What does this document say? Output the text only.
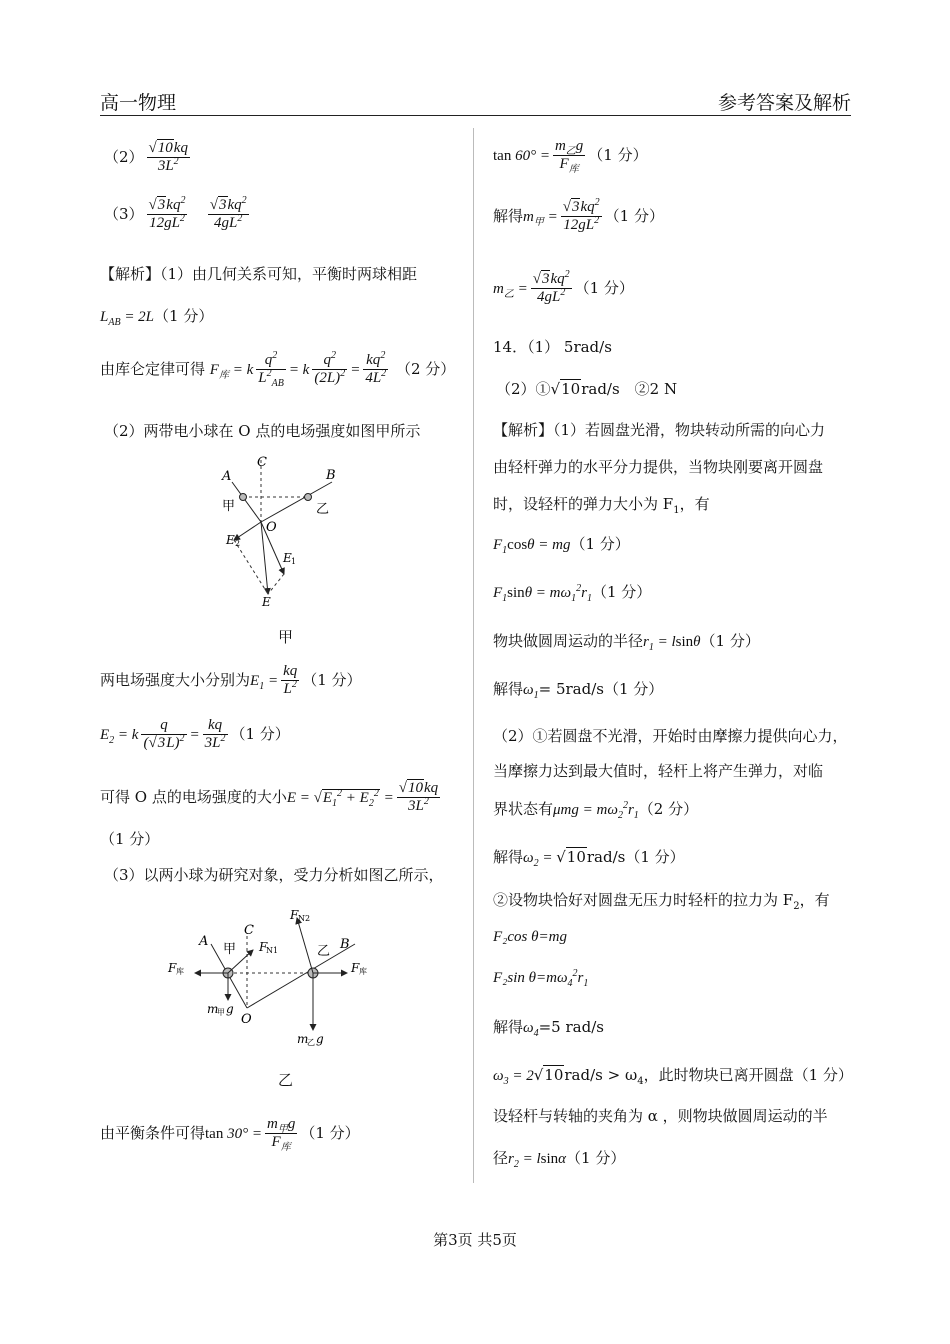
高一物理	参考答案及解析
$(2) \frac{√10kq}{3L^2}$
$(3) \frac{√3kq^2}{12gL^2}$
$\frac{√3kq^2}{4gL^2}$
【解析】（1）由几何关系可知，平衡时两球相距
$L_{AB} = 2L(1$ 分）
由库仑定律可得 $F_库 = k \frac{q^2}{L^2_{AB}} = k \frac{q^2}{(2L)^2} = \frac{kq^2}{4L^2} (2$ 分）
（2）两带电小球在 O 点的电场强度如图甲所示
A
C
B
甲	乙
O
E 2
E 1
E
甲
两电场强度大小分别为$E_1 = \frac{kq}{L^2} (1$ 分）
$E_2 = k \frac{q}{(√3L)^2} = \frac{kq}{3L^2} (1$ 分）
可得 O 点的电场强度的大小$E = √E_1^2 + E_2^2 = \frac{√10kq}{3L^2}$
（1 分）
（3）以两小球为研究对象，受力分析如图乙所示，
A
甲
C
F
N1
F N2
乙 B
F 库	F 库
m
甲 g
O
m
乙 g
乙
由平衡条件可得$\tan 30^\circ = \frac{m_甲g}{F_库} (1$ 分）
$\tan 60^\circ = \frac{m_乙g}{F_库} (1$ 分）
解得$m_甲 = \frac{√3kq^2}{12gL^2} (1$ 分）
$m_乙 = \frac{√3kq^2}{4gL^2} (1$ 分）
14．（1） 5rad/s
（2）①√10rad/s　②2 N
【解析】（1）若圆盘光滑，物块转动所需的向心力
由轻杆弹力的水平分力提供，当物块刚要离开圆盘
时，设轻杆的弹力大小为 $F_1$，有
$F_1\cos\theta = mg(1$ 分）
$F_1\sin\theta = m\omega_1^2r_1(1$ 分）
物块做圆周运动的半径$r_1 = lsin\theta(1$ 分）
解得$\omega_1= 5rad/s(1$ 分）
（2）①若圆盘不光滑，开始时由摩擦力提供向心力，
当摩擦力达到最大值时，轻杆上将产生弹力，对临
界状态有$\mu mg = m\omega_2^2r_1(2$ 分）
解得$\omega_2 = √10rad/s(1$ 分）
②设物块恰好对圆盘无压力时轻杆的拉力为 $F_2$，有
F₂cos θ=mg
F₂sin $\theta=m\omega_4^2r_1$
解得$\omega_4=5$ rad/s
$\omega_3 = 2√10rad/s > \omega_4$，此时物块已离开圆盘（1 分）
设轻杆与转轴的夹角为 α ，则物块做圆周运动的半
径$r_2 = lsin\alpha(1$ 分）
第3页 共5页
